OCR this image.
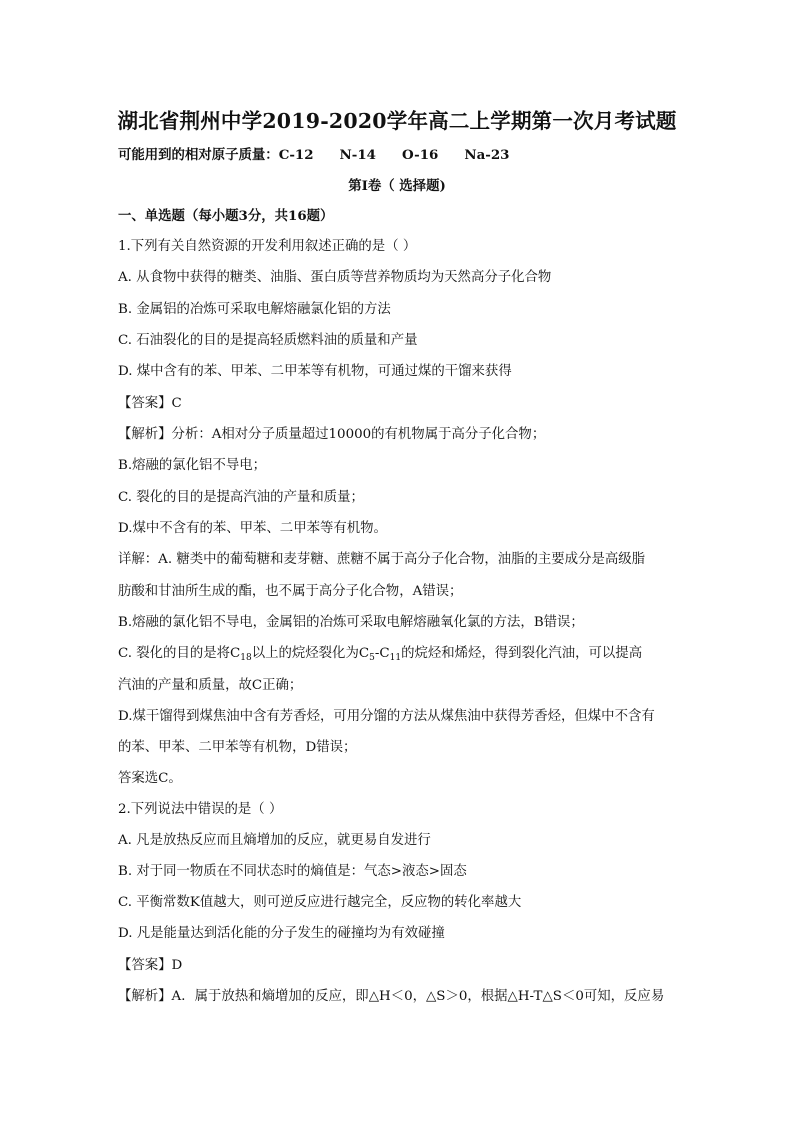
湖北省荆州中学2019-2020学年高二上学期第一次月考试题
可能用到的相对原子质量：C-12 N-14 O-16 Na-23
第I卷（ 选择题)
一、单选题（每小题3分，共16题）
1.下列有关自然资源的开发利用叙述正确的是（ ）
A. 从食物中获得的糖类、油脂、蛋白质等营养物质均为天然高分子化合物
B. 金属铝的冶炼可采取电解熔融氯化铝的方法
C. 石油裂化的目的是提高轻质燃料油的质量和产量
D. 煤中含有的苯、甲苯、二甲苯等有机物，可通过煤的干馏来获得
【答案】C
【解析】分析：A相对分子质量超过10000的有机物属于高分子化合物；
B.熔融的氯化铝不导电；
C. 裂化的目的是提高汽油的产量和质量；
D.煤中不含有的苯、甲苯、二甲苯等有机物。
详解：A. 糖类中的葡萄糖和麦芽糖、蔗糖不属于高分子化合物，油脂的主要成分是高级脂
肪酸和甘油所生成的酯，也不属于高分子化合物，A错误；
B.熔融的氯化铝不导电，金属铝的冶炼可采取电解熔融氧化氯的方法，B错误；
C. 裂化的目的是将$C_{18}$以上的烷烃裂化为$C_5-C_{11}$的烷烃和烯烃，得到裂化汽油，可以提高
汽油的产量和质量，故C正确；
D.煤干馏得到煤焦油中含有芳香烃，可用分馏的方法从煤焦油中获得芳香烃，但煤中不含有
的苯、甲苯、二甲苯等有机物，D错误；
答案选C。
2.下列说法中错误的是（ ）
A. 凡是放热反应而且熵增加的反应，就更易自发进行
B. 对于同一物质在不同状态时的熵值是：气态>液态>固态
C. 平衡常数K值越大，则可逆反应进行越完全，反应物的转化率越大
D. 凡是能量达到活化能的分子发生的碰撞均为有效碰撞
【答案】D
【解析】A．属于放热和熵增加的反应，即△H＜0，△S＞0，根据△H-T△S＜0可知，反应易
